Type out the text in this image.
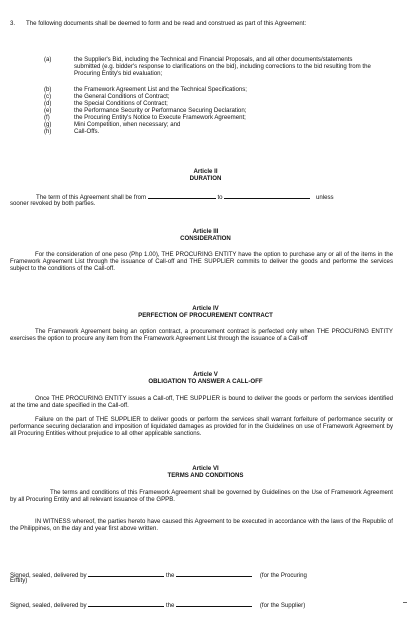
3. The following documents shall be deemed to form and be read and construed as part of this Agreement:
(a)	the Supplier's Bid, including the Technical and Financial Proposals, and all other documents/statements submitted (e.g. bidder's response to clarifications on the bid), including corrections to the bid resulting from the Procuring Entity's bid evaluation;
(b)	the Framework Agreement List and the Technical Specifications;
(c)	the General Conditions of Contract;
(d)	the Special Conditions of Contract;
(e)	the Performance Security or Performance Securing Declaration;
(f)	the Procuring Entity's Notice to Execute Framework Agreement;
(g)	Mini Competition, when necessary; and
(h)	Call-Offs.
Article II
DURATION
The term of this Agreement shall be from	to	unless
sooner revoked by both parties.
Article III
CONSIDERATION
For the consideration of one peso (Php 1.00), THE PROCURING ENTITY have the option to purchase any or all of the items in the Framework Agreement List through the issuance of Call-off and THE SUPPLIER commits to deliver the goods and performe the services subject to the conditions of the Call-off.
Article IV
PERFECTION OF PROCUREMENT CONTRACT
The Framework Agreement being an option contract, a procurement contract is perfected only when THE PROCURING ENTITY exercises the option to procure any item from the Framework Agreement List through the issuance of a Call-off
Article V
OBLIGATION TO ANSWER A CALL-OFF
Once THE PROCURING ENTITY issues a Call-off, THE SUPPLIER is bound to deliver the goods or perform the services identified at the time and date specified in the Call-off.
Failure on the part of THE SUPPLIER to deliver goods or perform the services shall warrant forfeiture of performance security or performance securing declaration and imposition of liquidated damages as provided for in the Guidelines on use of Framework Agreement by all Procuring Entities without prejudice to all other applicable sanctions.
Article VI
TERMS AND CONDITIONS
The terms and conditions of this Framework Agreement shall be governed by Guidelines on the Use of Framework Agreement by all Procuring Entity and all relevant issuance of the GPPB.
IN WITNESS whereof, the parties hereto have caused this Agreement to be executed in accordance with the laws of the Republic of the Philippines, on the day and year first above written.
Signed, sealed, delivered by	the	(for the Procuring
Entity)
Signed, sealed, delivered by	the	(for the Supplier)
